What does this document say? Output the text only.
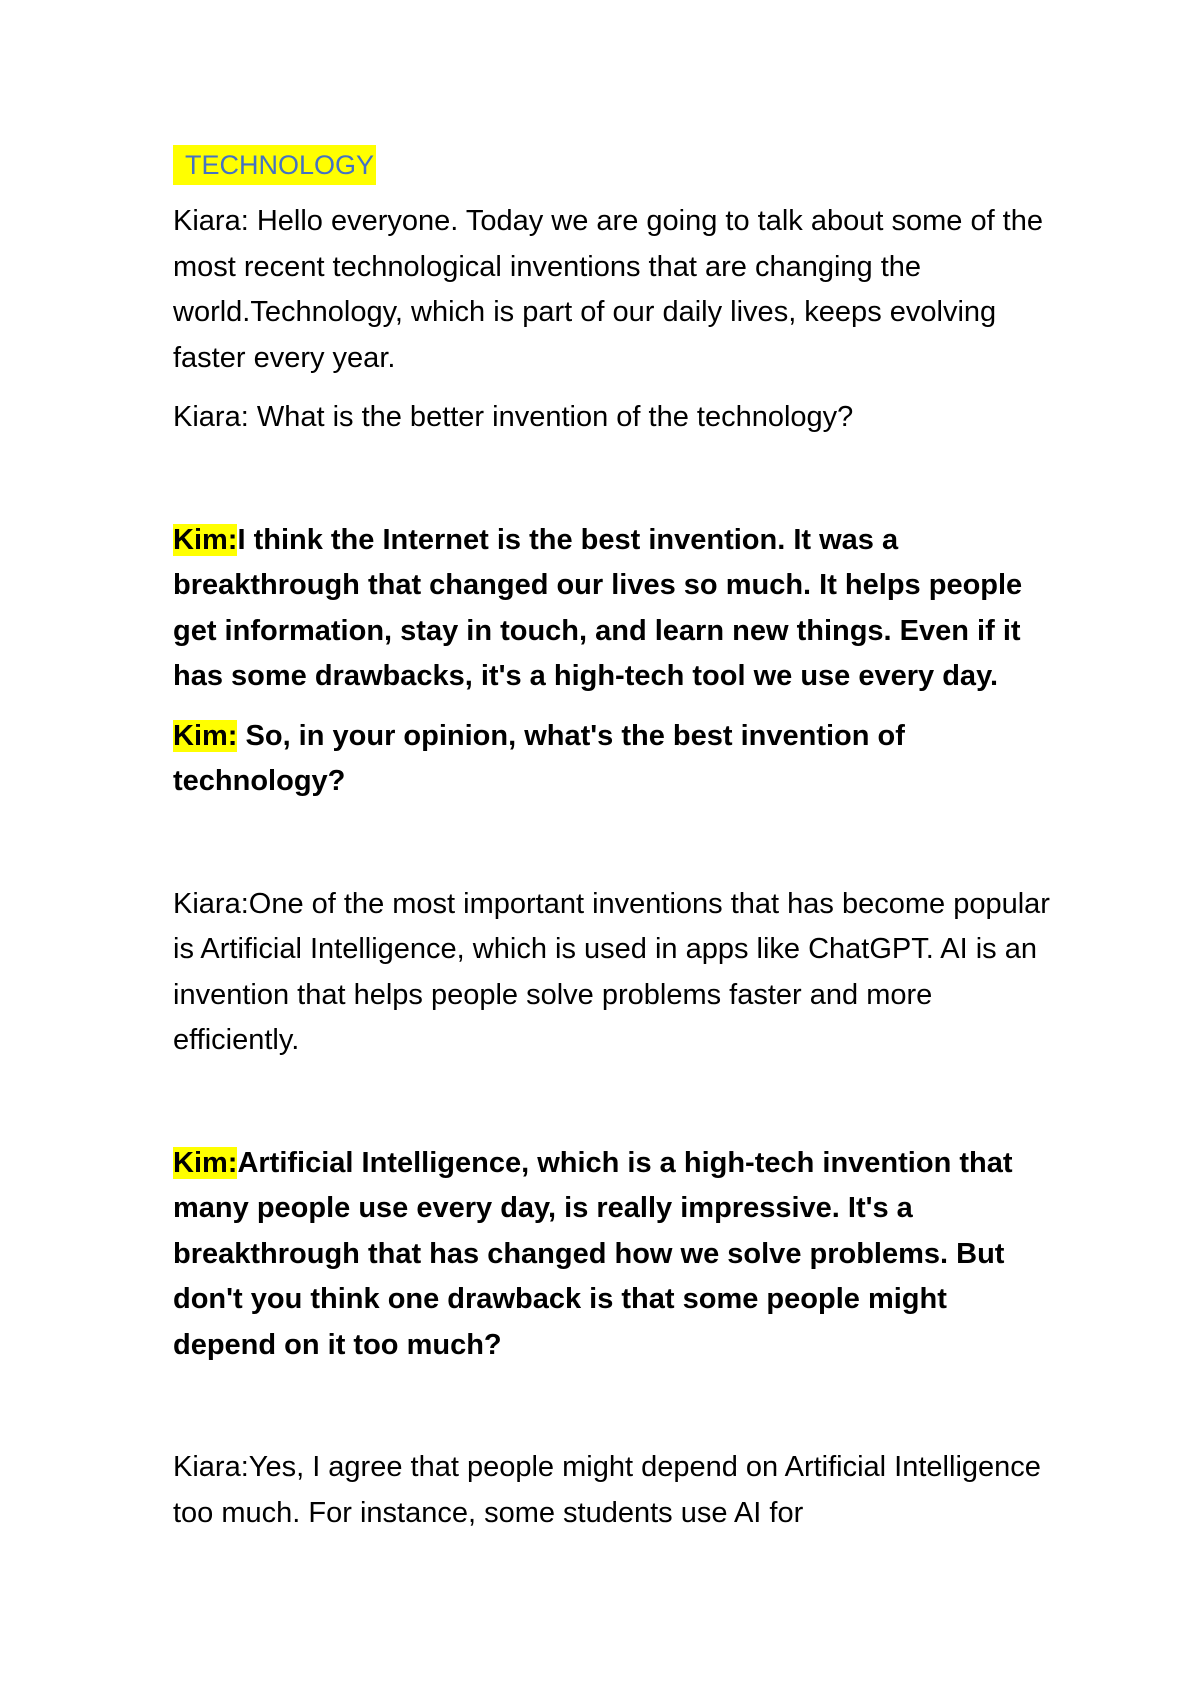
TECHNOLOGY

Kiara: Hello everyone. Today we are going to talk about some of the most recent technological inventions that are changing the world.Technology, which is part of our daily lives, keeps evolving faster every year.

Kiara: What is the better invention of the technology?

Kim:I think the Internet is the best invention. It was a breakthrough that changed our lives so much. It helps people get information, stay in touch, and learn new things. Even if it has some drawbacks, it's a high-tech tool we use every day.

Kim: So, in your opinion, what's the best invention of technology?

Kiara:One of the most important inventions that has become popular is Artificial Intelligence, which is used in apps like ChatGPT. AI is an invention that helps people solve problems faster and more efficiently.

Kim:Artificial Intelligence, which is a high-tech invention that many people use every day, is really impressive. It's a breakthrough that has changed how we solve problems. But don't you think one drawback is that some people might depend on it too much?

Kiara:Yes, I agree that people might depend on Artificial Intelligence too much. For instance, some students use AI for
